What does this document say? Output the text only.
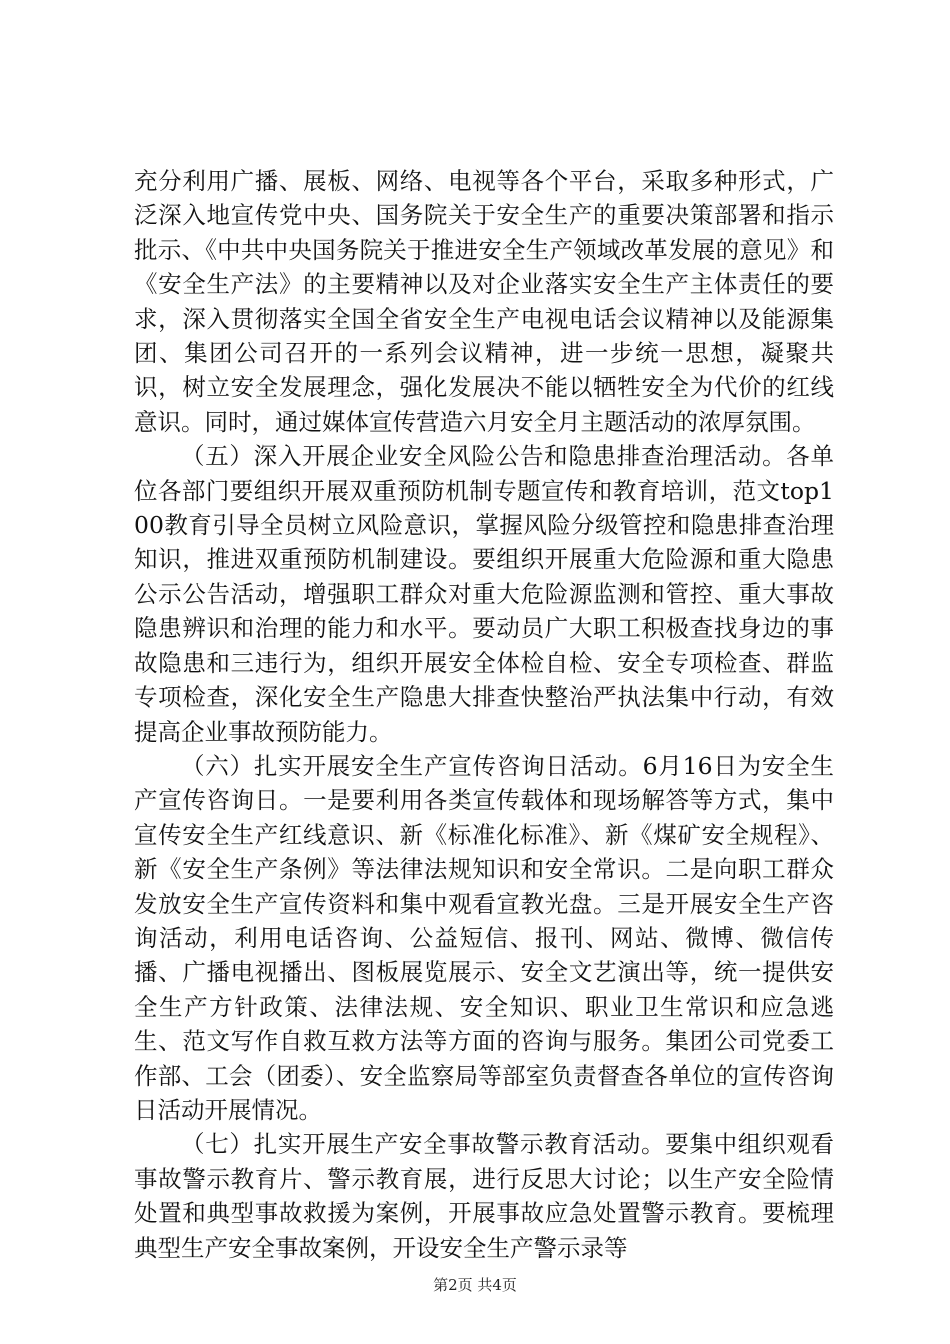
充分利用广播、展板、网络、电视等各个平台，采取多种形式，广泛深入地宣传党中央、国务院关于安全生产的重要决策部署和指示批示、《中共中央国务院关于推进安全生产领域改革发展的意见》和《安全生产法》的主要精神以及对企业落实安全生产主体责任的要求，深入贯彻落实全国全省安全生产电视电话会议精神以及能源集团、集团公司召开的一系列会议精神，进一步统一思想，凝聚共识，树立安全发展理念，强化发展决不能以牺牲安全为代价的红线意识。同时，通过媒体宣传营造六月安全月主题活动的浓厚氛围。

（五）深入开展企业安全风险公告和隐患排查治理活动。各单位各部门要组织开展双重预防机制专题宣传和教育培训，范文top100教育引导全员树立风险意识，掌握风险分级管控和隐患排查治理知识，推进双重预防机制建设。要组织开展重大危险源和重大隐患公示公告活动，增强职工群众对重大危险源监测和管控、重大事故隐患辨识和治理的能力和水平。要动员广大职工积极查找身边的事故隐患和三违行为，组织开展安全体检自检、安全专项检查、群监专项检查，深化安全生产隐患大排查快整治严执法集中行动，有效提高企业事故预防能力。

（六）扎实开展安全生产宣传咨询日活动。6月16日为安全生产宣传咨询日。一是要利用各类宣传载体和现场解答等方式，集中宣传安全生产红线意识、新《标准化标准》、新《煤矿安全规程》、新《安全生产条例》等法律法规知识和安全常识。二是向职工群众发放安全生产宣传资料和集中观看宣教光盘。三是开展安全生产咨询活动，利用电话咨询、公益短信、报刊、网站、微博、微信传播、广播电视播出、图板展览展示、安全文艺演出等，统一提供安全生产方针政策、法律法规、安全知识、职业卫生常识和应急逃生、范文写作自救互救方法等方面的咨询与服务。集团公司党委工作部、工会（团委）、安全监察局等部室负责督查各单位的宣传咨询日活动开展情况。

（七）扎实开展生产安全事故警示教育活动。要集中组织观看事故警示教育片、警示教育展，进行反思大讨论；以生产安全险情处置和典型事故救援为案例，开展事故应急处置警示教育。要梳理典型生产安全事故案例，开设安全生产警示录等

第2页 共4页
